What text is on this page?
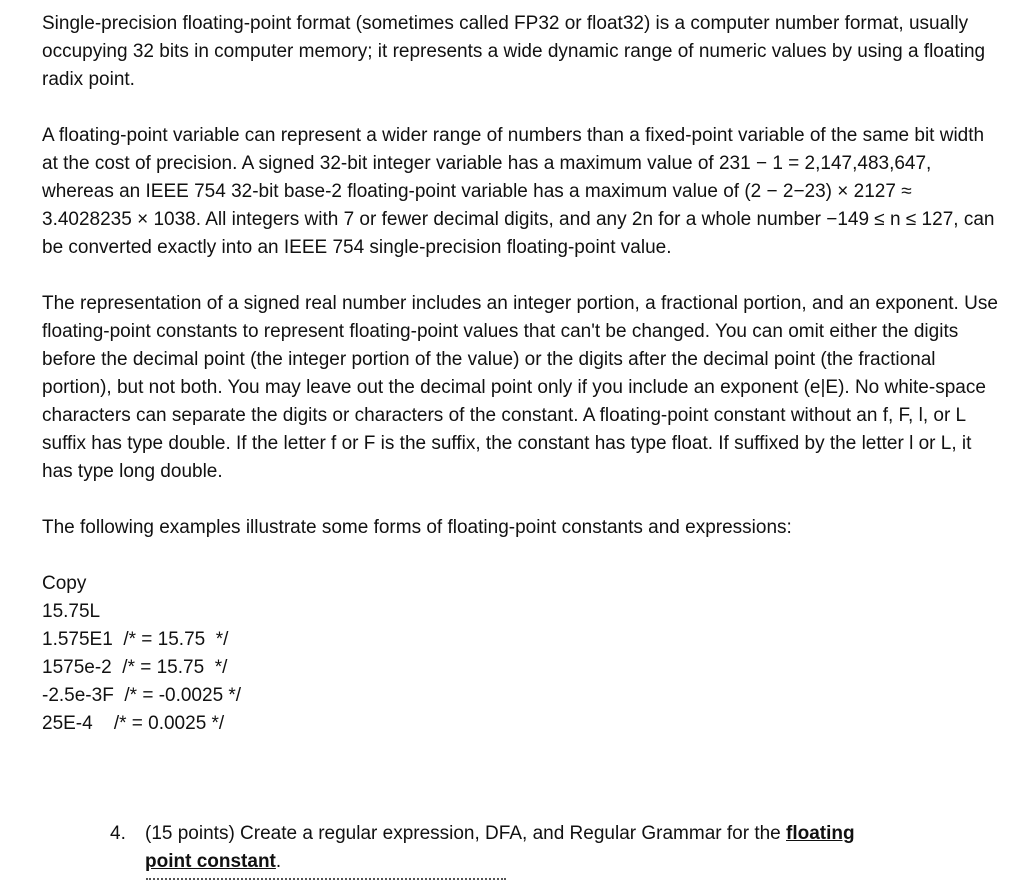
Single-precision floating-point format (sometimes called FP32 or float32) is a computer number format, usually occupying 32 bits in computer memory; it represents a wide dynamic range of numeric values by using a floating radix point.

A floating-point variable can represent a wider range of numbers than a fixed-point variable of the same bit width at the cost of precision. A signed 32-bit integer variable has a maximum value of 231 − 1 = 2,147,483,647, whereas an IEEE 754 32-bit base-2 floating-point variable has a maximum value of (2 − 2−23) × 2127 ≈ 3.4028235 × 1038. All integers with 7 or fewer decimal digits, and any 2n for a whole number −149 ≤ n ≤ 127, can be converted exactly into an IEEE 754 single-precision floating-point value.

The representation of a signed real number includes an integer portion, a fractional portion, and an exponent. Use floating-point constants to represent floating-point values that can't be changed. You can omit either the digits before the decimal point (the integer portion of the value) or the digits after the decimal point (the fractional portion), but not both. You may leave out the decimal point only if you include an exponent (e|E). No white-space characters can separate the digits or characters of the constant. A floating-point constant without an f, F, l, or L suffix has type double. If the letter f or F is the suffix, the constant has type float. If suffixed by the letter l or L, it has type long double.

The following examples illustrate some forms of floating-point constants and expressions:

Copy
15.75L
1.575E1  /* = 15.75  */
1575e-2  /* = 15.75  */
-2.5e-3F  /* = -0.0025 */
25E-4    /* = 0.0025 */
4. (15 points) Create a regular expression, DFA, and Regular Grammar for the floating
point constant.
